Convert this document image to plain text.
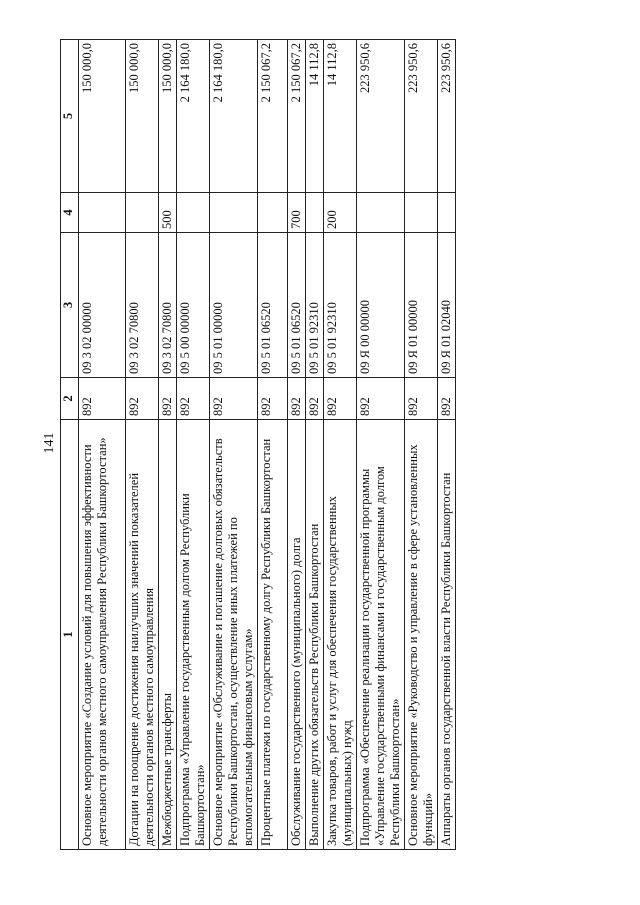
141
1	2	3	4	5
Основное мероприятие «Создание условий для повышения эффективности деятельности органов местного самоуправления Республики Башкортостан»	892	09 3 02 00000		150 000,0
Дотации на поощрение достижения наилучших значений показателей деятельности органов местного самоуправления	892	09 3 02 70800		150 000,0
Межбюджетные трансферты	892	09 3 02 70800	500	150 000,0
Подпрограмма «Управление государственным долгом Республики Башкортостан»	892	09 5 00 00000		2 164 180,0
Основное мероприятие «Обслуживание и погашение долговых обязательств Республики Башкортостан, осуществление иных платежей по вспомогательным финансовым услугам»	892	09 5 01 00000		2 164 180,0
Процентные платежи по государственному долгу Республики Башкортостан	892	09 5 01 06520		2 150 067,2
Обслуживание государственного (муниципального) долга	892	09 5 01 06520	700	2 150 067,2
Выполнение других обязательств Республики Башкортостан	892	09 5 01 92310		14 112,8
Закупка товаров, работ и услуг для обеспечения государственных (муниципальных) нужд	892	09 5 01 92310	200	14 112,8
Подпрограмма «Обеспечение реализации государственной программы «Управление государственными финансами и государственным долгом Республики Башкортостан»	892	09 Я 00 00000		223 950,6
Основное мероприятие «Руководство и управление в сфере установленных функций»	892	09 Я 01 00000		223 950,6
Аппараты органов государственной власти Республики Башкортостан	892	09 Я 01 02040		223 950,6
